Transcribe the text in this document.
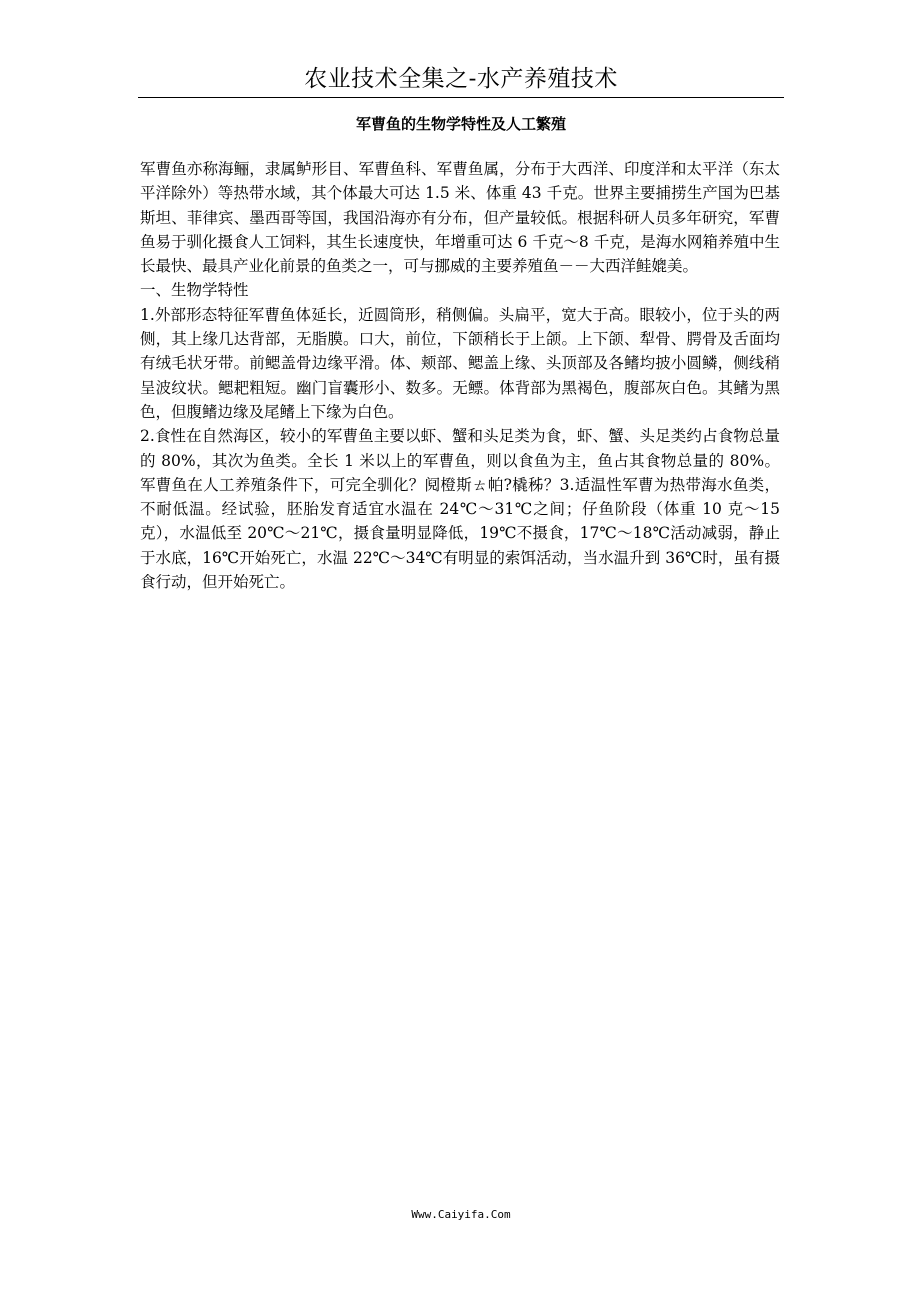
农业技术全集之-水产养殖技术
军曹鱼的生物学特性及人工繁殖

军曹鱼亦称海鲡，隶属鲈形目、军曹鱼科、军曹鱼属，分布于大西洋、印度洋和太平洋（东太平洋除外）等热带水域，其个体最大可达 1.5 米、体重 43 千克。世界主要捕捞生产国为巴基斯坦、菲律宾、墨西哥等国，我国沿海亦有分布，但产量较低。根据科研人员多年研究，军曹鱼易于驯化摄食人工饲料，其生长速度快，年增重可达 6 千克～8 千克，是海水网箱养殖中生长最快、最具产业化前景的鱼类之一，可与挪威的主要养殖鱼－－大西洋鲑媲美。

一、生物学特性

1.外部形态特征军曹鱼体延长，近圆筒形，稍侧偏。头扁平，宽大于高。眼较小，位于头的两侧，其上缘几达背部，无脂膜。口大，前位，下颌稍长于上颌。上下颌、犁骨、腭骨及舌面均有绒毛状牙带。前鳃盖骨边缘平滑。体、颊部、鳃盖上缘、头顶部及各鳍均披小圆鳞，侧线稍呈波纹状。鳃耙粗短。幽门盲囊形小、数多。无鳔。体背部为黑褐色，腹部灰白色。其鳍为黑色，但腹鳍边缘及尾鳍上下缘为白色。

2.食性在自然海区，较小的军曹鱼主要以虾、蟹和头足类为食，虾、蟹、头足类约占食物总量的 80%，其次为鱼类。全长 1 米以上的军曹鱼，则以食鱼为主，鱼占其食物总量的 80%。军曹鱼在人工养殖条件下，可完全驯化？阋橙斯ㄊ帕?橇秭？3.适温性军曹为热带海水鱼类，不耐低温。经试验，胚胎发育适宜水温在 24℃～31℃之间；仔鱼阶段（体重 10 克～15 克），水温低至 20℃～21℃，摄食量明显降低，19℃不摄食，17℃～18℃活动减弱，静止于水底，16℃开始死亡，水温 22℃～34℃有明显的索饵活动，当水温升到 36℃时，虽有摄食行动，但开始死亡。

Www.Caiyifa.Com
